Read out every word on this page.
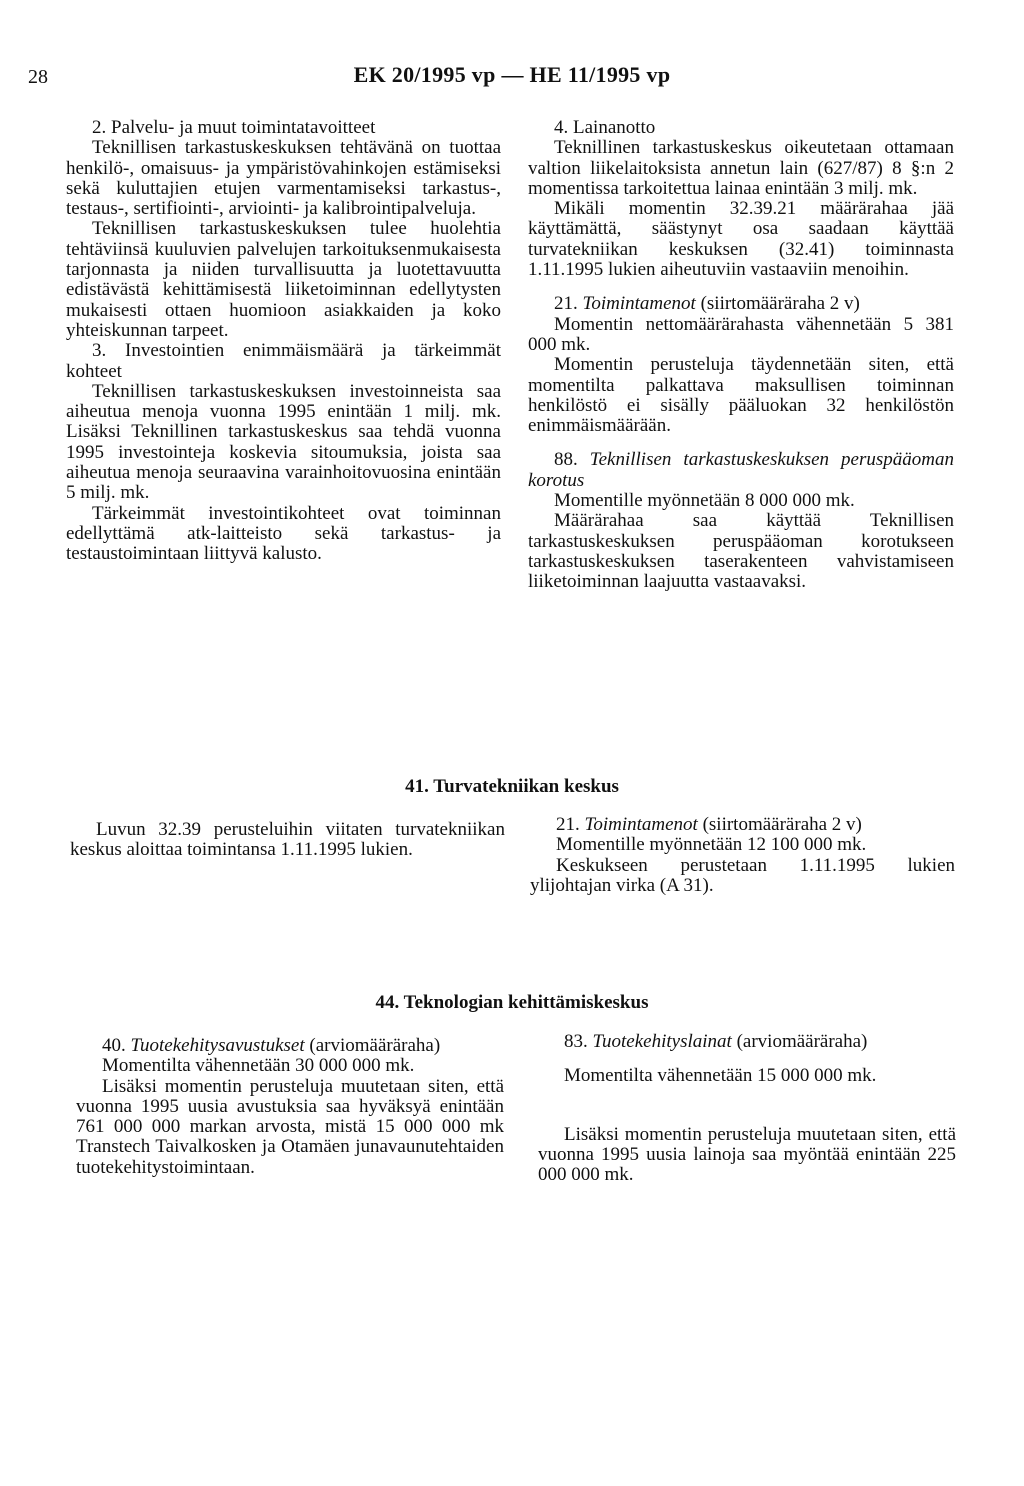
28	EK 20/1995 vp — HE 11/1995 vp

2. Palvelu- ja muut toimintatavoitteet

Teknillisen tarkastuskeskuksen tehtävänä on tuottaa henkilö-, omaisuus- ja ympäristövahinkojen estämiseksi sekä kuluttajien etujen varmentamiseksi tarkastus-, testaus-, sertifiointi-, arviointi- ja kalibrointipalveluja.

Teknillisen tarkastuskeskuksen tulee huolehtia tehtäviinsä kuuluvien palvelujen tarkoituksenmukaisesta tarjonnasta ja niiden turvallisuutta ja luotettavuutta edistävästä kehittämisestä liiketoiminnan edellytysten mukaisesti ottaen huomioon asiakkaiden ja koko yhteiskunnan tarpeet.

3. Investointien enimmäismäärä ja tärkeimmät kohteet

Teknillisen tarkastuskeskuksen investoinneista saa aiheutua menoja vuonna 1995 enintään 1 milj. mk. Lisäksi Teknillinen tarkastuskeskus saa tehdä vuonna 1995 investointeja koskevia sitoumuksia, joista saa aiheutua menoja seuraavina varainhoitovuosina enintään 5 milj. mk.

Tärkeimmät investointikohteet ovat toiminnan edellyttämä atk-laitteisto sekä tarkastus- ja testaustoimintaan liittyvä kalusto.

4. Lainanotto

Teknillinen tarkastuskeskus oikeutetaan ottamaan valtion liikelaitoksista annetun lain (627/87) 8 §:n 2 momentissa tarkoitettua lainaa enintään 3 milj. mk.

Mikäli momentin 32.39.21 määrärahaa jää käyttämättä, säästynyt osa saadaan käyttää turvatekniikan keskuksen (32.41) toiminnasta 1.11.1995 lukien aiheutuviin vastaaviin menoihin.

21. Toimintamenot (siirtomääräraha 2 v)

Momentin nettomäärärahasta vähennetään 5 381 000 mk.

Momentin perusteluja täydennetään siten, että momentilta palkattava maksullisen toiminnan henkilöstö ei sisälly pääluokan 32 henkilöstön enimmäismäärään.

88. Teknillisen tarkastuskeskuksen peruspääoman korotus

Momentille myönnetään 8 000 000 mk.

Määrärahaa saa käyttää Teknillisen tarkastuskeskuksen peruspääoman korotukseen tarkastuskeskuksen taserakenteen vahvistamiseen liiketoiminnan laajuutta vastaavaksi.

41. Turvatekniikan keskus

Luvun 32.39 perusteluihin viitaten turvatekniikan keskus aloittaa toimintansa 1.11.1995 lukien.

21. Toimintamenot (siirtomääräraha 2 v)

Momentille myönnetään 12 100 000 mk.

Keskukseen perustetaan 1.11.1995 lukien ylijohtajan virka (A 31).

44. Teknologian kehittämiskeskus

40. Tuotekehitysavustukset (arviomääräraha)

Momentilta vähennetään 30 000 000 mk.

Lisäksi momentin perusteluja muutetaan siten, että vuonna 1995 uusia avustuksia saa hyväksyä enintään 761 000 000 markan arvosta, mistä 15 000 000 mk Transtech Taivalkosken ja Otamäen junavaunutehtaiden tuotekehitystoimintaan.

83. Tuotekehityslainat (arviomääräraha)

Momentilta vähennetään 15 000 000 mk.

Lisäksi momentin perusteluja muutetaan siten, että vuonna 1995 uusia lainoja saa myöntää enintään 225 000 000 mk.
